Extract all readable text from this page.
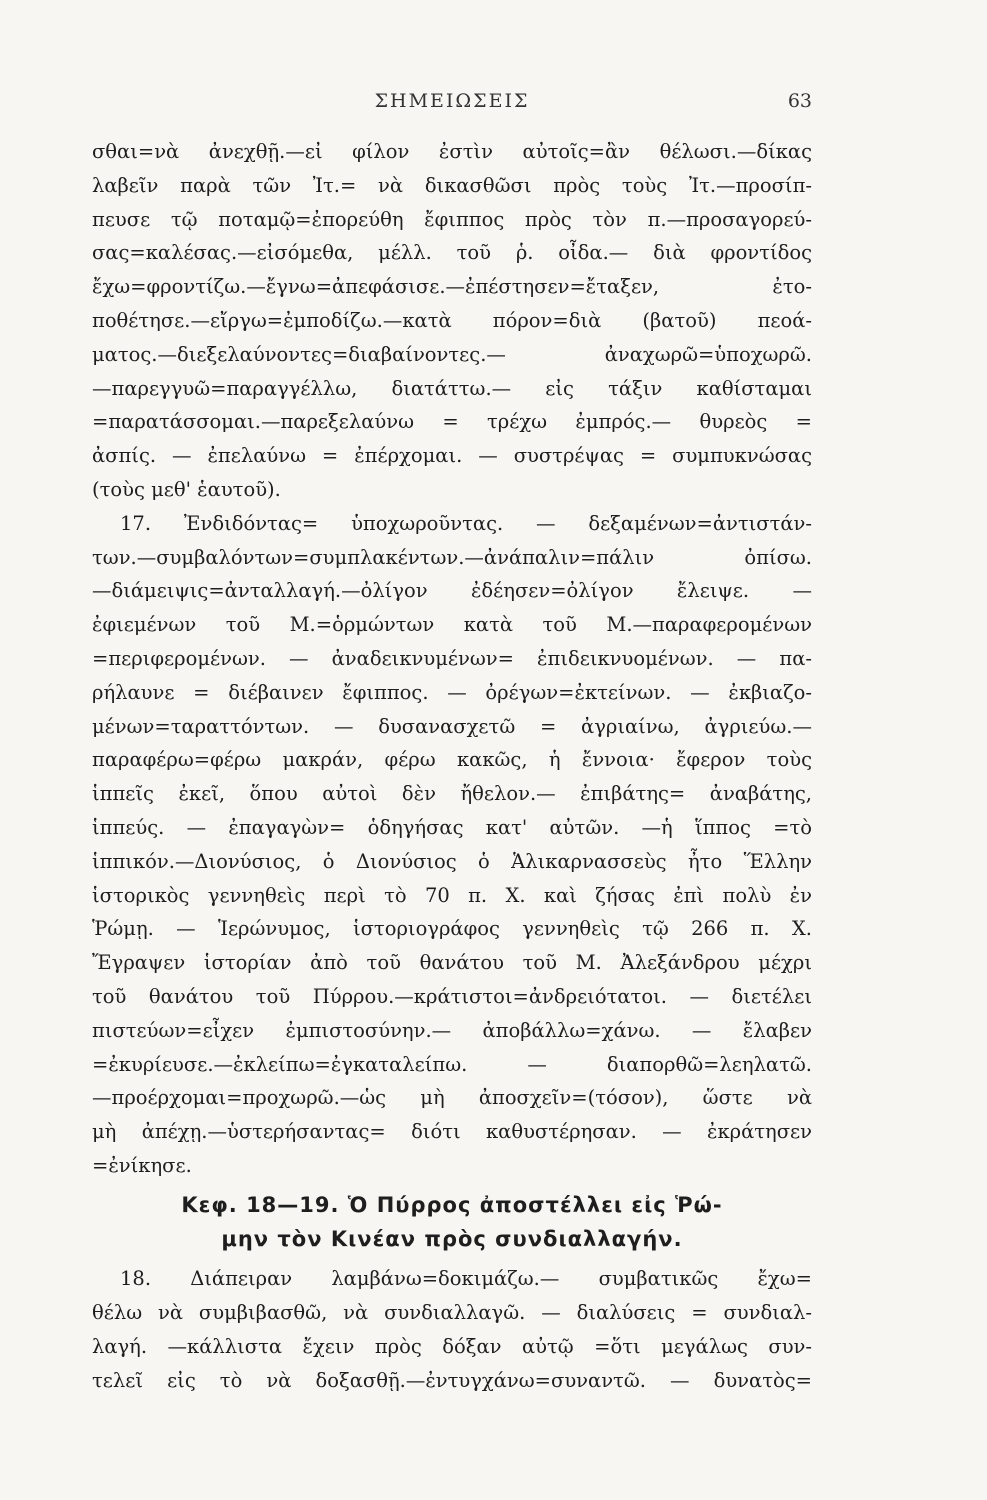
ΣΗΜΕΙΩΣΕΙΣ	63
σθαι=νὰ ἀνεχθῇ.—εἰ φίλον ἐστὶν αὐτοῖς=ἂν θέλωσι.—δίκας
λαβεῖν παρὰ τῶν Ἰτ.= νὰ δικασθῶσι πρὸς τοὺς Ἰτ.—προσίπ-
πευσε τῷ ποταμῷ=ἐπορεύθη ἔφιππος πρὸς τὸν π.—προσαγορεύ-
σας=καλέσας.—εἰσόμεθα, μέλλ. τοῦ ῥ. οἶδα.— διὰ φροντίδος
ἔχω=φροντίζω.—ἔγνω=ἀπεφάσισε.—ἐπέστησεν=ἔταξεν, ἐτο-
ποθέτησε.—εἴργω=ἐμποδίζω.—κατὰ πόρον=διὰ (βατοῦ) πεοά-
ματος.—διεξελαύνοντες=διαβαίνοντες.— ἀναχωρῶ=ὑποχωρῶ.
—παρεγγυῶ=παραγγέλλω, διατάττω.— εἰς τάξιν καθίσταμαι
=παρατάσσομαι.—παρεξελαύνω = τρέχω ἐμπρός.— θυρεὸς =
ἀσπίς. — ἐπελαύνω = ἐπέρχομαι. — συστρέψας = συμπυκνώσας
(τοὺς μεθ' ἑαυτοῦ).
17. Ἐνδιδόντας= ὑποχωροῦντας. — δεξαμένων=ἀντιστάν-
των.—συμβαλόντων=συμπλακέντων.—ἀνάπαλιν=πάλιν ὀπίσω.
—διάμειψις=ἀνταλλαγή.—ὀλίγον ἐδέησεν=ὀλίγον ἔλειψε. —
ἐφιεμένων τοῦ Μ.=ὁρμώντων κατὰ τοῦ Μ.—παραφερομένων
=περιφερομένων. — ἀναδεικνυμένων= ἐπιδεικνυομένων. — πα-
ρήλαυνε = διέβαινεν ἔφιππος. — ὀρέγων=ἐκτείνων. — ἐκβιαζο-
μένων=ταραττόντων. — δυσανασχετῶ = ἀγριαίνω, ἀγριεύω.—
παραφέρω=φέρω μακράν, φέρω κακῶς, ἡ ἔννοια· ἔφερον τοὺς
ἱππεῖς ἐκεῖ, ὅπου αὐτοὶ δὲν ἤθελον.— ἐπιβάτης= ἀναβάτης,
ἱππεύς. — ἐπαγαγὼν= ὁδηγήσας κατ' αὐτῶν. —ἡ ἵππος =τὸ
ἱππικόν.—Διονύσιος, ὁ Διονύσιος ὁ Ἁλικαρνασσεὺς ἦτο Ἕλλην
ἱστορικὸς γεννηθεὶς περὶ τὸ 70 π. Χ. καὶ ζήσας ἐπὶ πολὺ ἐν
Ῥώμῃ. — Ἱερώνυμος, ἱστοριογράφος γεννηθεὶς τῷ 266 π. Χ.
Ἔγραψεν ἱστορίαν ἀπὸ τοῦ θανάτου τοῦ Μ. Ἀλεξάνδρου μέχρι
τοῦ θανάτου τοῦ Πύρρου.—κράτιστοι=ἀνδρειότατοι. — διετέλει
πιστεύων=εἶχεν ἐμπιστοσύνην.— ἀποβάλλω=χάνω. — ἔλαβεν
=ἐκυρίευσε.—ἐκλείπω=ἐγκαταλείπω. — διαπορθῶ=λεηλατῶ.
—προέρχομαι=προχωρῶ.—ὡς μὴ ἀποσχεῖν=(τόσον), ὥστε νὰ
μὴ ἀπέχῃ.—ὑστερήσαντας= διότι καθυστέρησαν. — ἐκράτησεν
=ἐνίκησε.
Κεφ. 18—19. Ὁ Πύρρος ἀποστέλλει εἰς Ῥώ-
μην τὸν Κινέαν πρὸς συνδιαλλαγήν.
18. Διάπειραν λαμβάνω=δοκιμάζω.— συμβατικῶς ἔχω=
θέλω νὰ συμβιβασθῶ, νὰ συνδιαλλαγῶ. — διαλύσεις = συνδιαλ-
λαγή. —κάλλιστα ἔχειν πρὸς δόξαν αὐτῷ =ὅτι μεγάλως συν-
τελεῖ εἰς τὸ νὰ δοξασθῇ.—ἐντυγχάνω=συναντῶ. — δυνατὸς=
